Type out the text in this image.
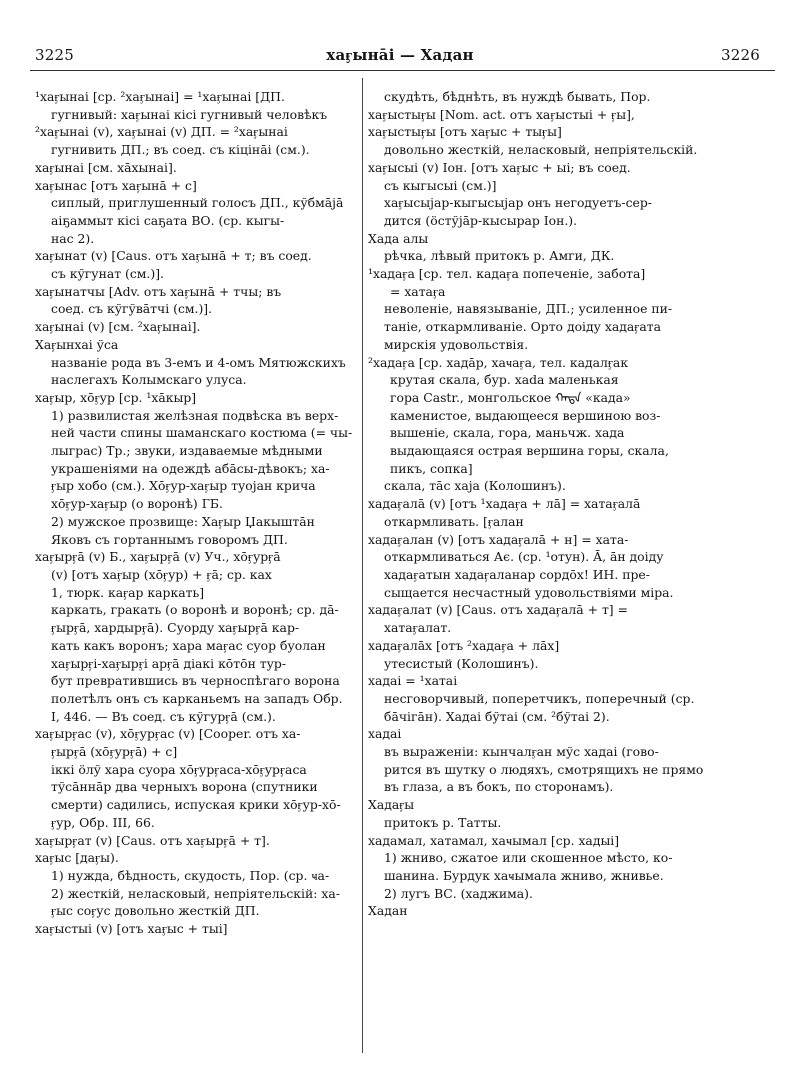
3225	хаӻынāi — Хадан	3226
¹хаӻынаі [ср. ²хаӻынаі] = ¹хаӻынаі [ДП.
гугнивый: хаӻынаі кісі гугнивый человѣкъ
²хаӻынаі (v), хаӻынаі (v) ДП. = ²хаӻынаі
гугнивить ДП.; въ соед. съ кіцінāі (см.).
хаӻынаі [см. хāхынаі].
хаӻынас [отъ хаӻынā + с]
сиплый, приглушенный голосъ ДП., кўбмājā
аiҕаммыт кісі саҕата ВО. (ср. кыгы-
нас 2).
хаӻынат (v) [Caus. отъ хаӻынā + т; въ соед.
съ кўгунат (см.)].
хаӻынатчы [Adv. отъ хаӻынā + тчы; въ
соед. съ кўгўвāтчі (см.)].
хаӻынаі (v) [см. ²хаӻынаі].
Хаӻынхаі ўса
названіе рода въ 3-емъ и 4-омъ Мятюжскихъ
наслегахъ Колымскаго улуса.
хаӻыр, хōӻур [ср. ¹хāкыр]
1) развилистая желѣзная подвѣска въ верх-
ней части спины шаманскаго костюма (= чы-
лыграс) Тр.; звуки, издаваемые мѣдными
украшеніями на одеждѣ абāсы-дѣвокъ; ха-
ӻыр хобо (см.). Хōӻур-хаӻыр туојан крича
хōӻур-хаӻыр (о воронѣ) ГБ.
2) мужское прозвище: Хаӻыр Џакыштāн
Яковъ съ гортаннымъ говоромъ ДП.
хаӻырӻā (v) Б., хаӻырӻā (v) Уч., хōӻурӻā
(v) [отъ хаӻыр (хōӻур) + ӻā; ср. ках
1, тюрк. каӻар каркать]
каркать, гракать (о воронѣ и воронѣ; ср. дā-
ӻырӻā, хардырӻā). Суорду хаӻырӻā кар-
кать какъ воронъ; хара маӻас суор буолан
хаӻырӻі-хаӻырӻі арӻā діакі кōтōн тур-
бут превратившись въ черноспѣгаго ворона
полетѣлъ онъ съ карканьемъ на западъ Обр.
I, 446. — Въ соед. съ кўгурӻā (см.).
хаӻырӻас (v), хōӻурӻас (v) [Cooper. отъ ха-
ӻырӻā (хōӻурӻā) + с]
іккі öлў хара суора хōӻурӻаса-хōӻурӻаса
тўсāннāр два черныхъ ворона (спутники
смерти) садились, испуская крики хōӻур-хō-
ӻур, Обр. III, 66.
хаӻырӻат (v) [Caus. отъ хаӻырӻā + т].
хаӻыс [даӻы).
1) нужда, бѣдность, скудость, Пор. (ср. ҹа-
2) жесткій, неласковый, непріятельскій: ха-
ӻыс соӻус довольно жесткій ДП.
хаӻыстыі (v) [отъ хаӻыс + тыі]
скудѣть, бѣднѣть, въ нуждѣ бывать, Пор.
хаӻыстыӻы [Nom. act. отъ хаӻыстыі + ӻы],
хаӻыстыӻы [отъ хаӻыс + тыӻы]
довольно жесткій, неласковый, непріятельскій.
хаӻысыі (v) Іон. [отъ хаӻыс + ыі; въ соед.
съ кыгысыі (см.)]
хаӻысыјар-кыгысыјар онъ негодуетъ-сер-
дится (öстўјāр-кысырар Іон.).
Хада алы
рѣчка, лѣвый притокъ р. Амги, ДК.
¹хадаӻа [ср. тел. кадаӻа попеченіе, забота]
= хатаӻа
неволеніе, навязываніе, ДП.; усиленное пи-
таніе, откармливаніе. Орто доіду хадаӻата
мирскія удовольствія.
²хадаӻа [ср. хадāр, хаҹаӻа, тел. кадалӻак
крутая скала, бур. хаdа маленькая
гора Castr., монгольское ᠬᠠᠳᠠ «када»
каменистое, выдающееся вершиною воз-
вышеніе, скала, гора, маньчж. хада
выдающаяся острая вершина горы, скала,
пикъ, сопка]
скала, тāс хаја (Колошинъ).
хадаӻалā (v) [отъ ¹хадаӻа + лā] = хатаӻалā
откармливать. [ӻалан
хадаӻалан (v) [отъ хадаӻалā + н] = хата-
откармливаться Ає. (ср. ¹отун). Ā, āн доіду
хадаӻатын хадаӻаланар сордōх! ИН. пре-
сыщается несчастный удовольствіями міра.
хадаӻалат (v) [Caus. отъ хадаӻалā + т] =
хатаӻалат.
хадаӻалāх [отъ ²хадаӻа + лāх]
утесистый (Колошинъ).
хадаі = ¹хатаі
несговорчивый, поперетчикъ, поперечный (ср.
бāчігāн). Хадаі бўтаі (см. ²бўтаі 2).
хадаі
въ выраженіи: кынчалӻан мўс хадаі (гово-
рится въ шутку о людяхъ, смотрящихъ не прямо
въ глаза, а въ бокъ, по сторонамъ).
Хадаӻы
притокъ р. Татты.
хадамал, хатамал, хаҹымал [ср. хадыі]
1) жниво, сжатое или скошенное мѣсто, ко-
шанина. Бурдук хаҹымала жниво, жнивье.
2) лугъ ВС. (хаджима).
Хадан
